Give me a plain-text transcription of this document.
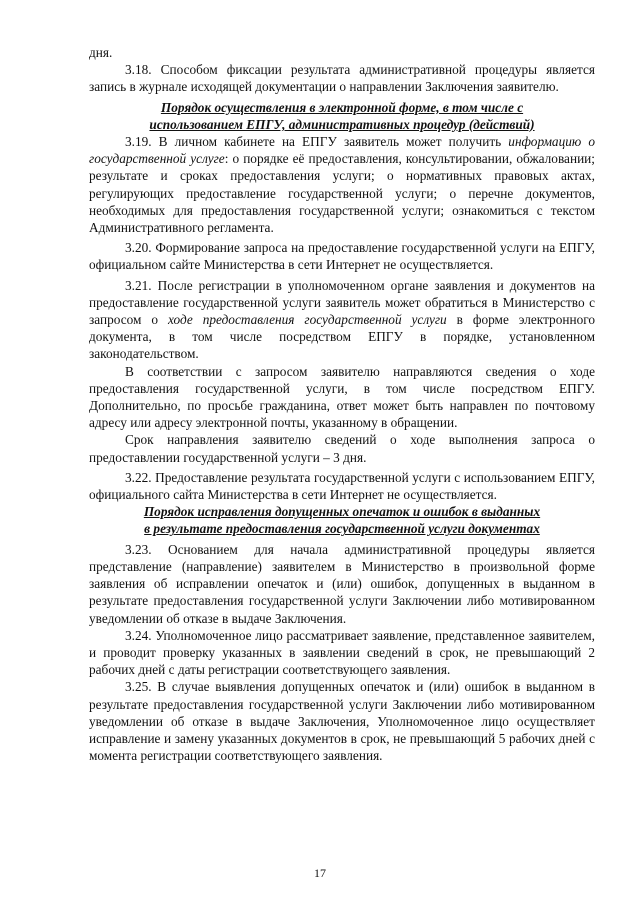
дня.

3.18. Способом фиксации результата административной процедуры является запись в журнале исходящей документации о направлении Заключения заявителю.

Порядок осуществления в электронной форме, в том числе с
использованием ЕПГУ, административных процедур (действий)

3.19. В личном кабинете на ЕПГУ заявитель может получить информацию о государственной услуге: о порядке её предоставления, консультировании, обжаловании; результате и сроках предоставления услуги; о нормативных правовых актах, регулирующих предоставление государственной услуги; о перечне документов, необходимых для предоставления государственной услуги; ознакомиться с текстом Административного регламента.

3.20. Формирование запроса на предоставление государственной услуги на ЕПГУ, официальном сайте Министерства в сети Интернет не осуществляется.

3.21. После регистрации в уполномоченном органе заявления и документов на предоставление государственной услуги заявитель может обратиться в Министерство с запросом о ходе предоставления государственной услуги в форме электронного документа, в том числе посредством ЕПГУ в порядке, установленном законодательством.

В соответствии с запросом заявителю направляются сведения о ходе предоставления государственной услуги, в том числе посредством ЕПГУ. Дополнительно, по просьбе гражданина, ответ может быть направлен по почтовому адресу или адресу электронной почты, указанному в обращении.

Срок направления заявителю сведений о ходе выполнения запроса о предоставлении государственной услуги – 3 дня.

3.22. Предоставление результата государственной услуги с использованием ЕПГУ, официального сайта Министерства в сети Интернет не осуществляется.

Порядок исправления допущенных опечаток и ошибок в выданных
в результате предоставления государственной услуги документах

3.23. Основанием для начала административной процедуры является представление (направление) заявителем в Министерство в произвольной форме заявления об исправлении опечаток и (или) ошибок, допущенных в выданном в результате предоставления государственной услуги Заключении либо мотивированном уведомлении об отказе в выдаче Заключения.

3.24. Уполномоченное лицо рассматривает заявление, представленное заявителем, и проводит проверку указанных в заявлении сведений в срок, не превышающий 2 рабочих дней с даты регистрации соответствующего заявления.

3.25. В случае выявления допущенных опечаток и (или) ошибок в выданном в результате предоставления государственной услуги Заключении либо мотивированном уведомлении об отказе в выдаче Заключения, Уполномоченное лицо осуществляет исправление и замену указанных документов в срок, не превышающий 5 рабочих дней с момента регистрации соответствующего заявления.

17
